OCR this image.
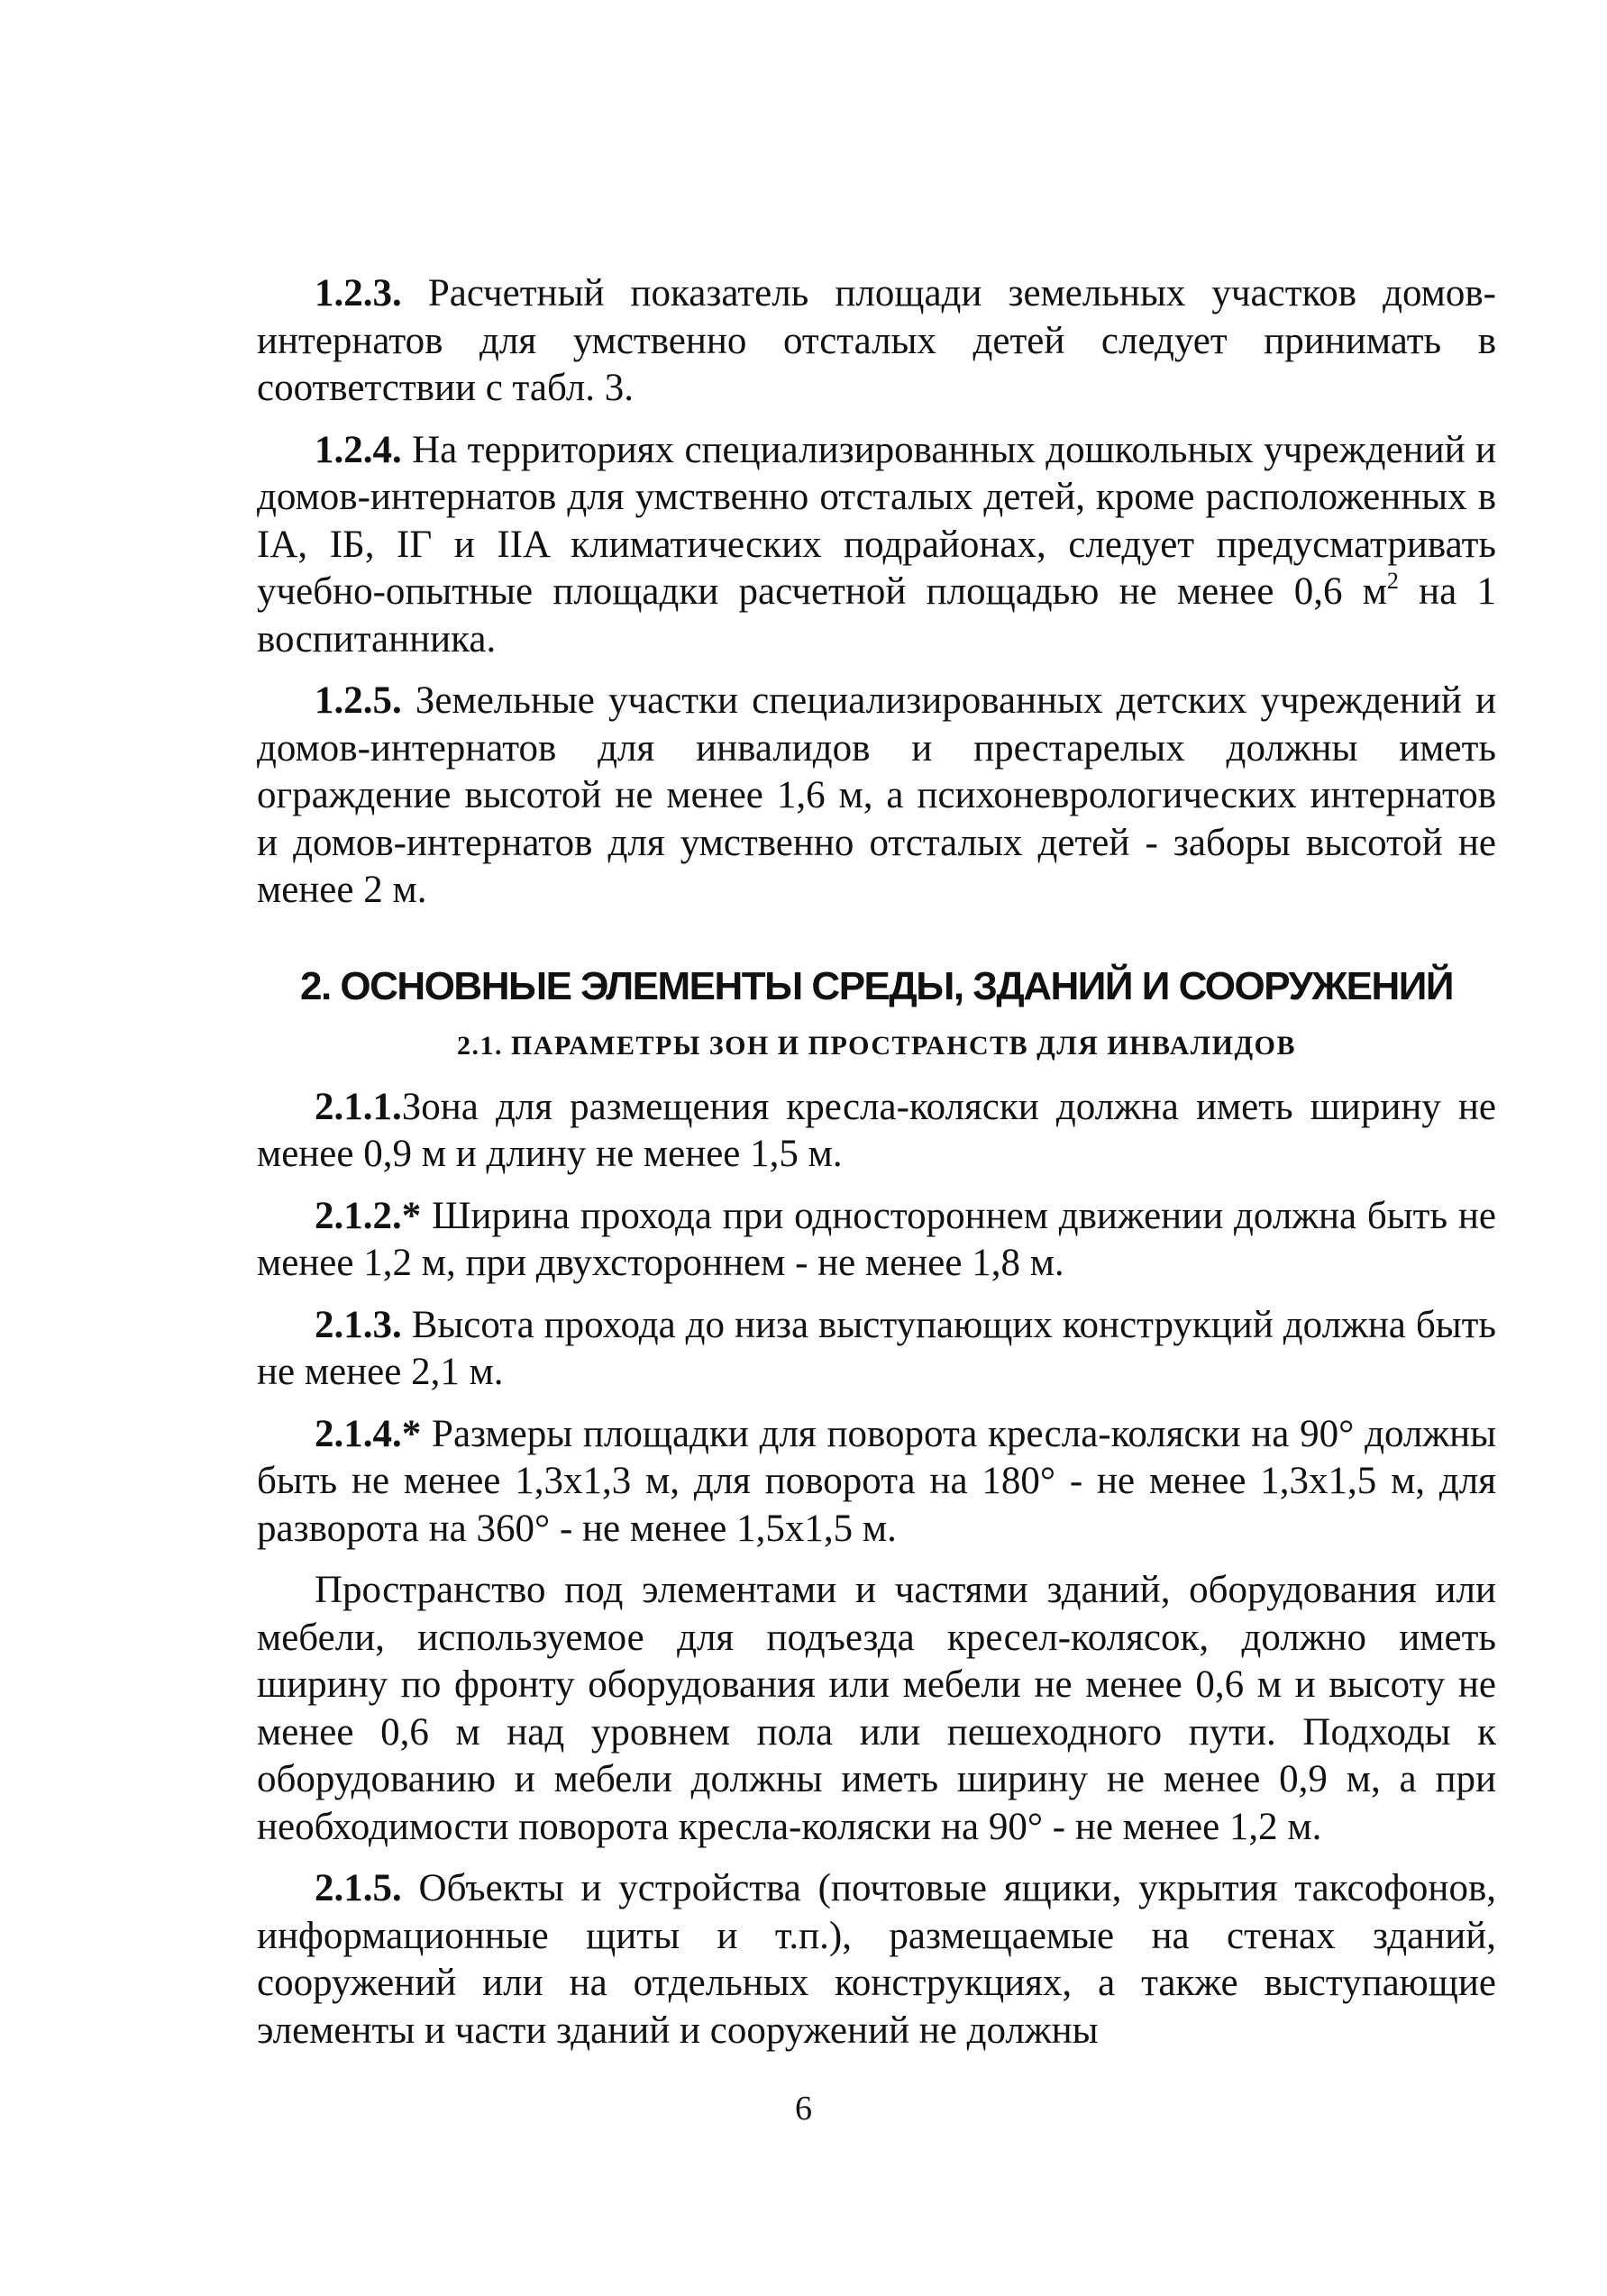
1.2.3. Расчетный показатель площади земельных участков домов-интернатов для умственно отсталых детей следует принимать в соответствии с табл. 3.

1.2.4. На территориях специализированных дошкольных учреждений и домов-интернатов для умственно отсталых детей, кроме расположенных в IA, IБ, IГ и IIA климатических подрайонах, следует предусматривать учебно-опытные площадки расчетной площадью не менее 0,6 $м^2$ на 1 воспитанника.

1.2.5. Земельные участки специализированных детских учреждений и домов-интернатов для инвалидов и престарелых должны иметь ограждение высотой не менее 1,6 м, а психоневрологических интернатов и домов-интернатов для умственно отсталых детей - заборы высотой не менее 2 м.

2. ОСНОВНЫЕ ЭЛЕМЕНТЫ СРЕДЫ, ЗДАНИЙ И СООРУЖЕНИЙ
2.1. ПАРАМЕТРЫ ЗОН И ПРОСТРАНСТВ ДЛЯ ИНВАЛИДОВ

2.1.1.Зона для размещения кресла-коляски должна иметь ширину не менее 0,9 м и длину не менее 1,5 м.

2.1.2.* Ширина прохода при одностороннем движении должна быть не менее 1,2 м, при двухстороннем - не менее 1,8 м.

2.1.3. Высота прохода до низа выступающих конструкций должна быть не менее 2,1 м.

2.1.4.* Размеры площадки для поворота кресла-коляски на 90° должны быть не менее 1,3х1,3 м, для поворота на 180° - не менее 1,3х1,5 м, для разворота на 360° - не менее 1,5х1,5 м.

Пространство под элементами и частями зданий, оборудования или мебели, используемое для подъезда кресел-колясок, должно иметь ширину по фронту оборудования или мебели не менее 0,6 м и высоту не менее 0,6 м над уровнем пола или пешеходного пути. Подходы к оборудованию и мебели должны иметь ширину не менее 0,9 м, а при необходимости поворота кресла-коляски на 90° - не менее 1,2 м.

2.1.5. Объекты и устройства (почтовые ящики, укрытия таксофонов, информационные щиты и т.п.), размещаемые на стенах зданий, сооружений или на отдельных конструкциях, а также выступающие элементы и части зданий и сооружений не должны

6
